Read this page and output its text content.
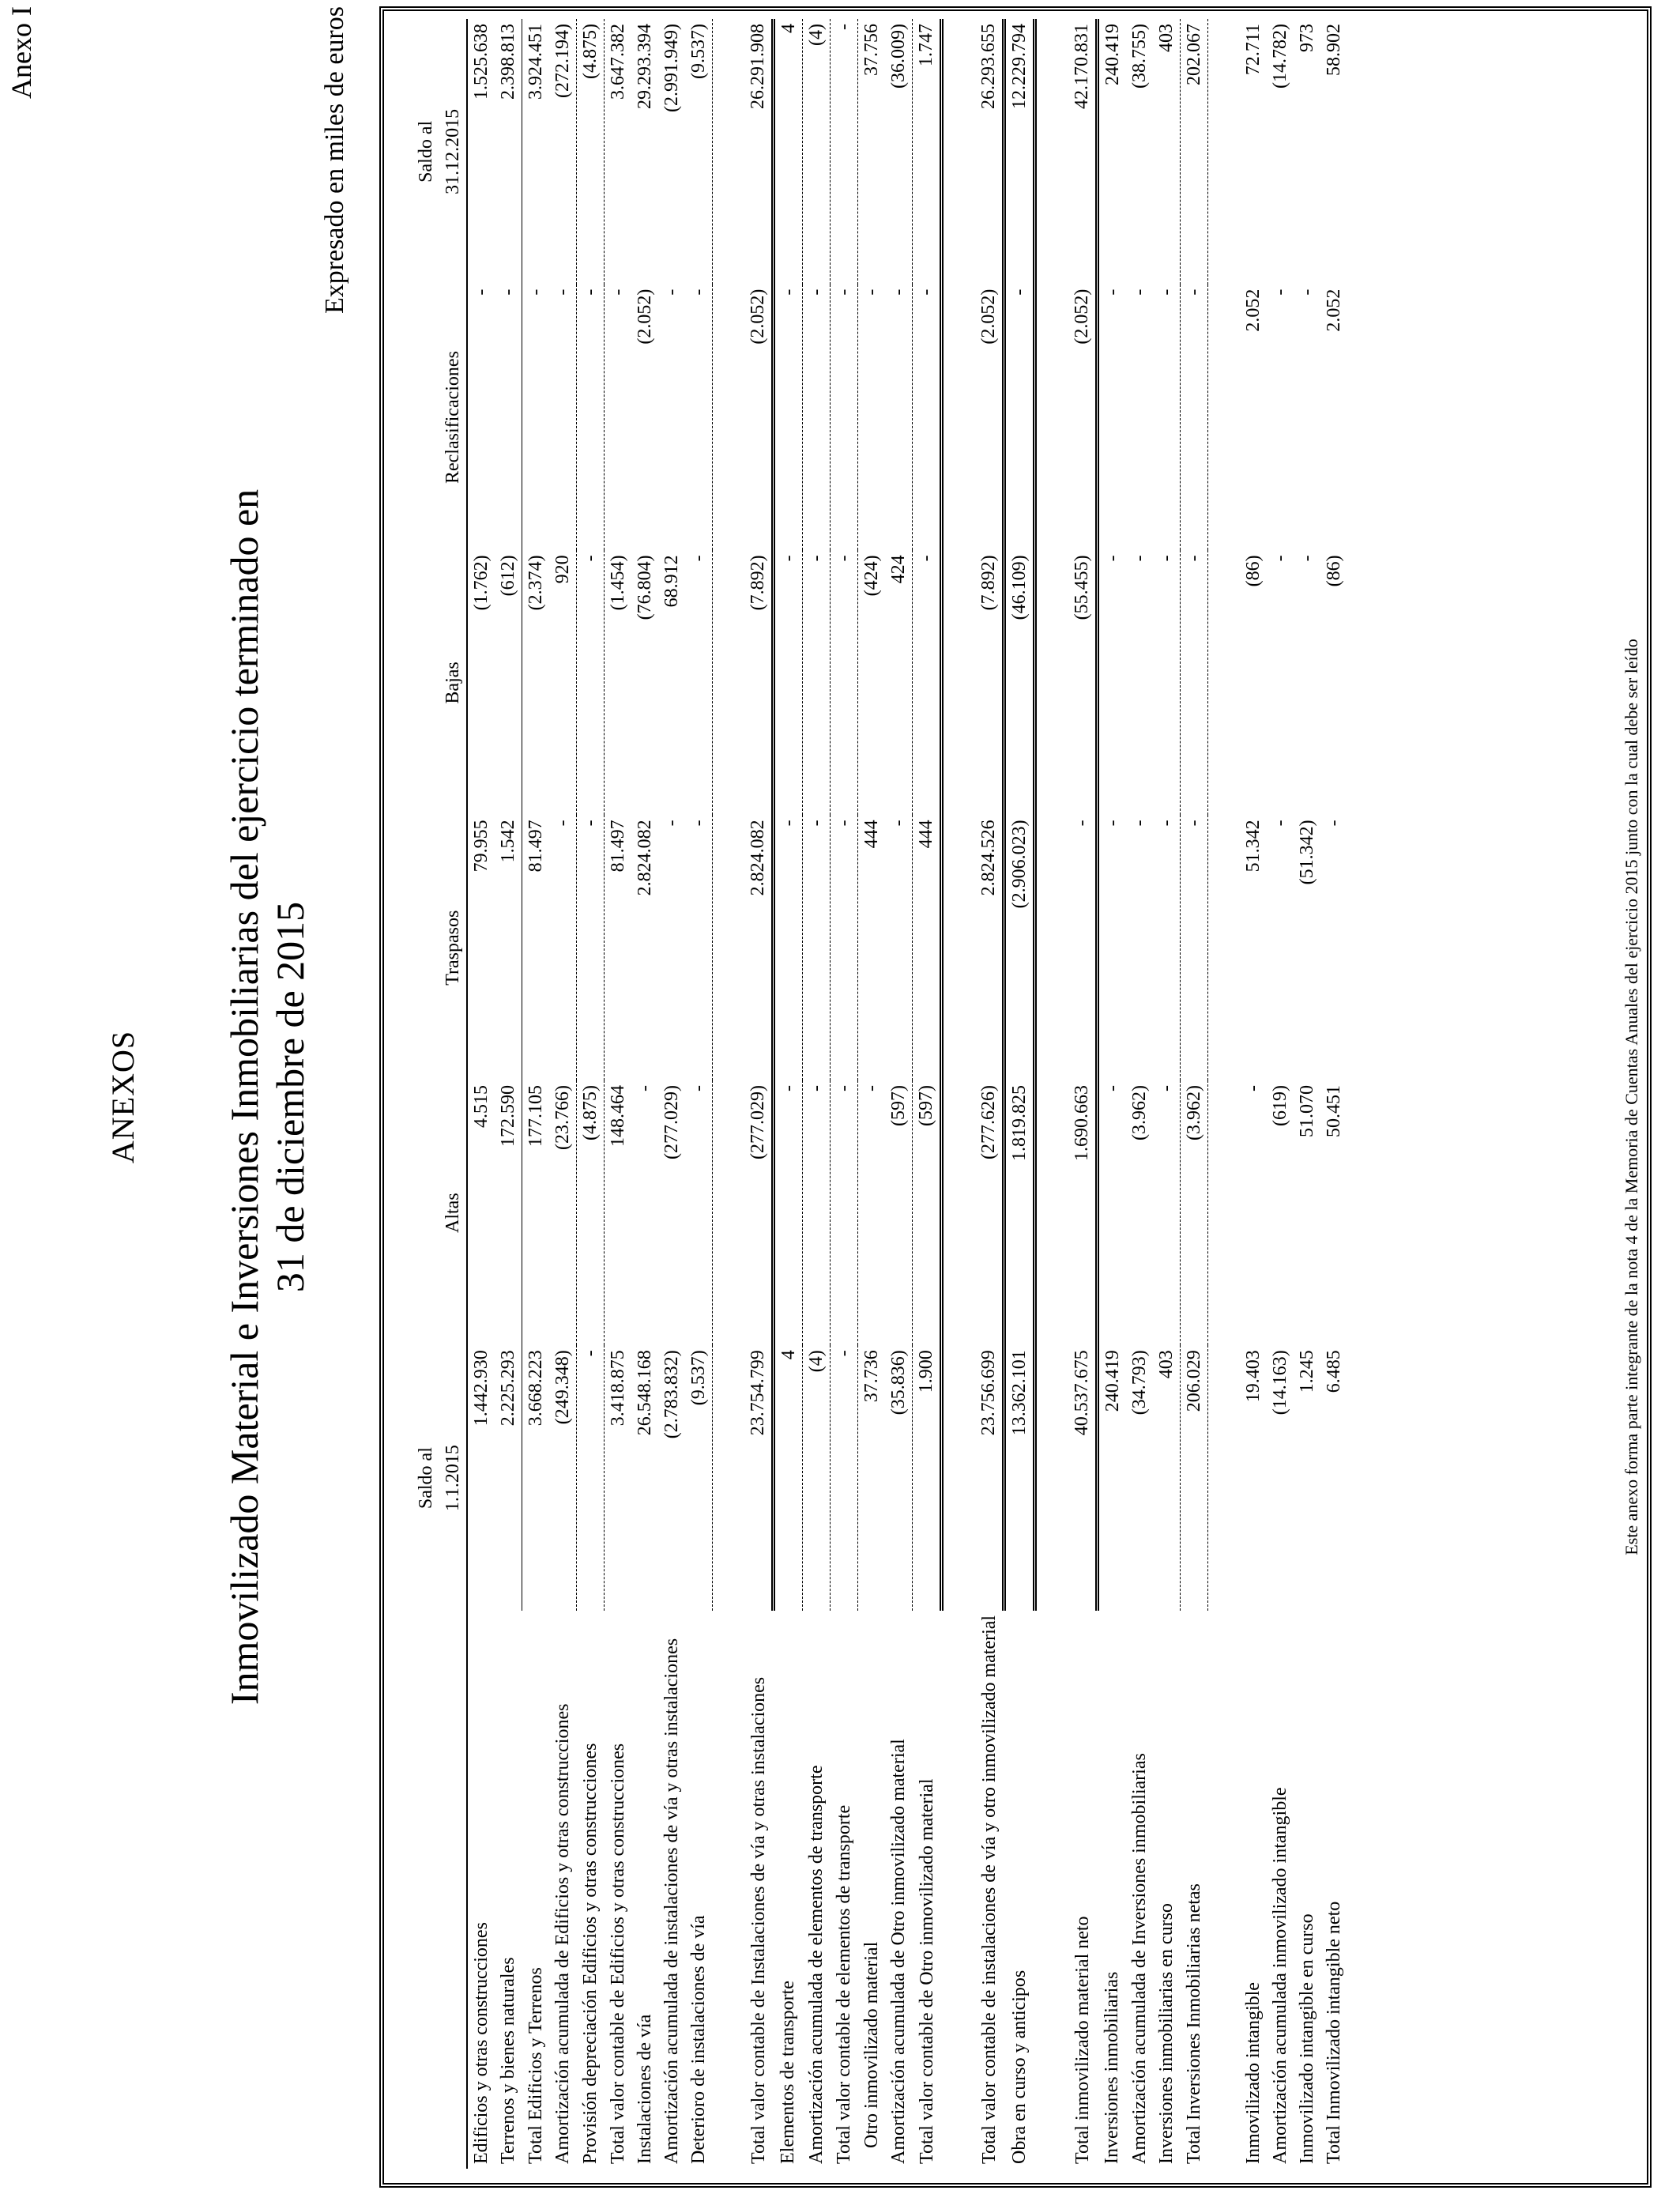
Anexo I
ANEXOS Inmovilizado Material e Inversiones Inmobiliarias del ejercicio terminado en 31 de diciembre de 2015
Expresado en miles de euros
	Saldo al					Saldo al
	1.1.2015	Altas	Traspasos	Bajas	Reclasificaciones	31.12.2015
Edificios y otras construcciones	1.442.930	4.515	79.955	(1.762)	-	1.525.638
Terrenos y bienes naturales	2.225.293	172.590	1.542	(612)	-	2.398.813
Total Edificios y Terrenos	3.668.223	177.105	81.497	(2.374)	-	3.924.451
Amortización acumulada de Edificios y otras construcciones	(249.348)	(23.766)	-	920	-	(272.194)
Provisión depreciación Edificios y otras construcciones	-	(4.875)	-	-	-	(4.875)
Total valor contable de Edificios y otras construcciones	3.418.875	148.464	81.497	(1.454)	-	3.647.382
Instalaciones de vía	26.548.168	-	2.824.082	(76.804)	(2.052)	29.293.394
Amortización acumulada de instalaciones de vía y otras instalaciones	(2.783.832)	(277.029)	-	68.912	-	(2.991.949)
Deterioro de instalaciones de vía	(9.537)	-	-	-	-	(9.537)

Total valor contable de Instalaciones de vía y otras instalaciones	23.754.799	(277.029)	2.824.082	(7.892)	(2.052)	26.291.908
Elementos de transporte	4	-	-	-	-	4
Amortización acumulada de elementos de transporte	(4)	-	-	-	-	(4)
Total valor contable de elementos de transporte	-	-	-	-	-	-
Otro inmovilizado material	37.736	-	444	(424)	-	37.756
Amortización acumulada de Otro inmovilizado material	(35.836)	(597)	-	424	-	(36.009)
Total valor contable de Otro inmovilizado material	1.900	(597)	444	-	-	1.747

Total valor contable de instalaciones de vía y otro inmovilizado material	23.756.699	(277.626)	2.824.526	(7.892)	(2.052)	26.293.655
Obra en curso y anticipos	13.362.101	1.819.825	(2.906.023)	(46.109)	-	12.229.794

Total inmovilizado material neto	40.537.675	1.690.663	-	(55.455)	(2.052)	42.170.831
Inversiones inmobiliarias	240.419	-	-	-	-	240.419
Amortización acumulada de Inversiones inmobiliarias	(34.793)	(3.962)	-	-	-	(38.755)
Inversiones inmobiliarias en curso	403	-	-	-	-	403
Total Inversiones Inmobiliarias netas	206.029	(3.962)	-	-	-	202.067

Inmovilizado intangible	19.403	-	51.342	(86)	2.052	72.711
Amortización acumulada inmovilizado intangible	(14.163)	(619)	-	-	-	(14.782)
Inmovilizado intangible en curso	1.245	51.070	(51.342)	-	-	973
Total Inmovilizado intangible neto	6.485	50.451	-	(86)	2.052	58.902
Este anexo forma parte integrante de la nota 4 de la Memoria de Cuentas Anuales del ejercicio 2015 junto con la cual debe ser leído
